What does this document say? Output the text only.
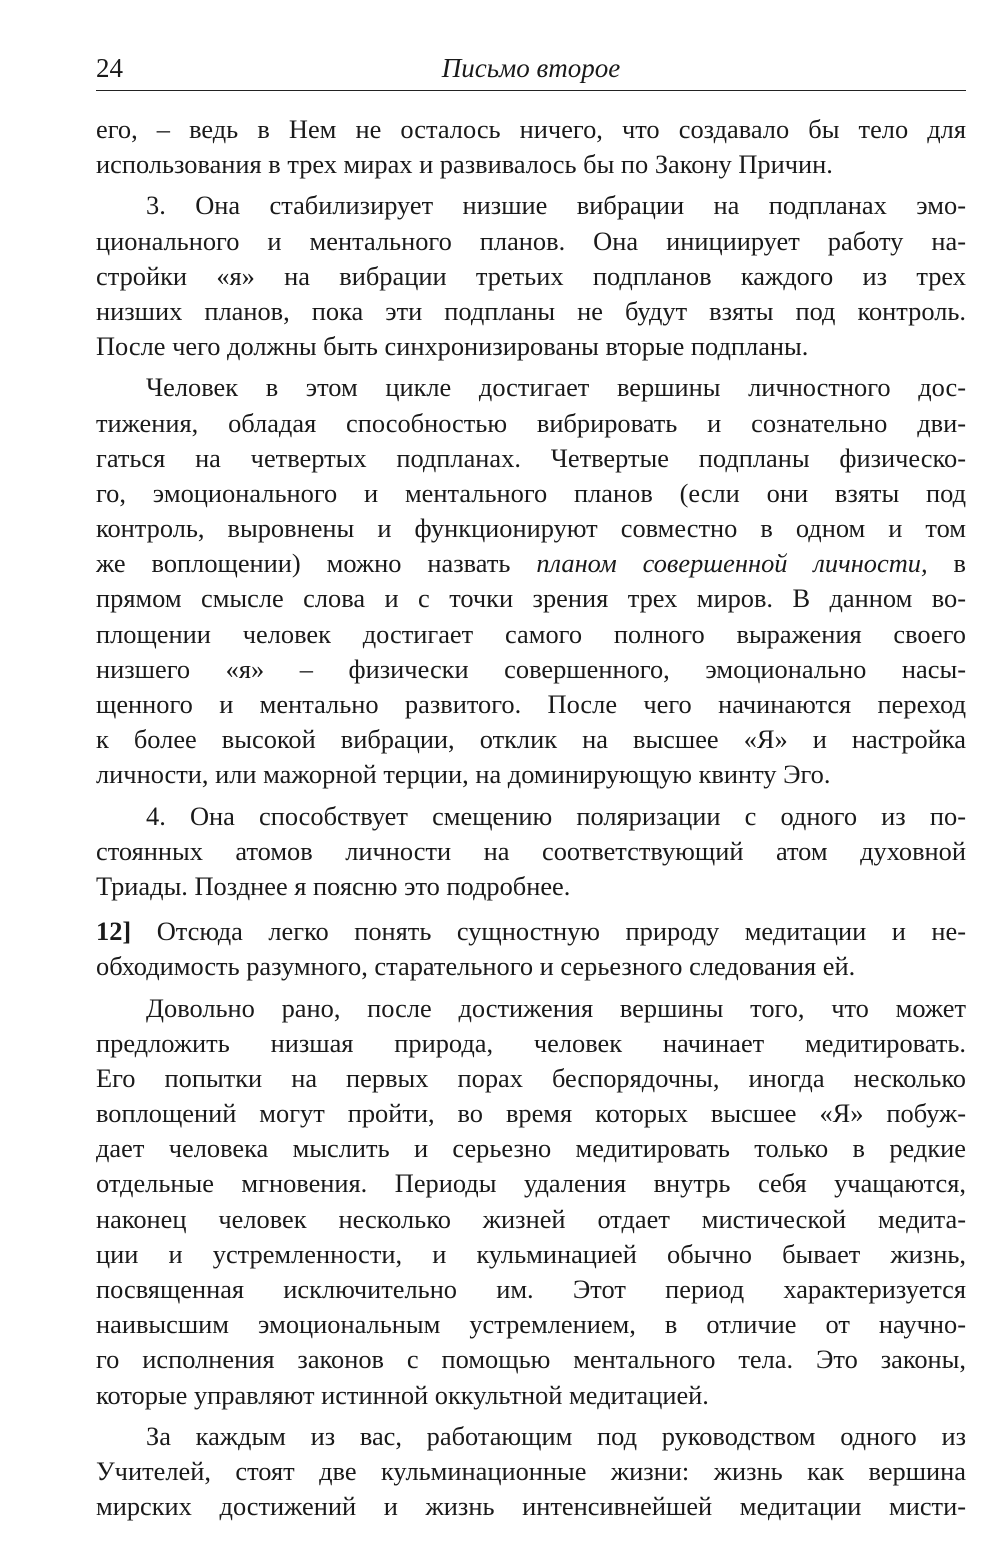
24	Письмо второе
его, – ведь в Нем не осталось ничего, что создавало бы тело для
использования в трех мирах и развивалось бы по Закону Причин.
3. Она стабилизирует низшие вибрации на подпланах эмо-
ционального и ментального планов. Она инициирует работу на-
стройки «я» на вибрации третьих подпланов каждого из трех
низших планов, пока эти подпланы не будут взяты под контроль.
После чего должны быть синхронизированы вторые подпланы.
Человек в этом цикле достигает вершины личностного дос-
тижения, обладая способностью вибрировать и сознательно дви-
гаться на четвертых подпланах. Четвертые подпланы физическо-
го, эмоционального и ментального планов (если они взяты под
контроль, выровнены и функционируют совместно в одном и том
же воплощении) можно назвать планом совершенной личности, в
прямом смысле слова и с точки зрения трех миров. В данном во-
площении человек достигает самого полного выражения своего
низшего «я» – физически совершенного, эмоционально насы-
щенного и ментально развитого. После чего начинаются переход
к более высокой вибрации, отклик на высшее «Я» и настройка
личности, или мажорной терции, на доминирующую квинту Эго.
4. Она способствует смещению поляризации с одного из по-
стоянных атомов личности на соответствующий атом духовной
Триады. Позднее я поясню это подробнее.
12] Отсюда легко понять сущностную природу медитации и не-
обходимость разумного, старательного и серьезного следования ей.
Довольно рано, после достижения вершины того, что может
предложить низшая природа, человек начинает медитировать.
Его попытки на первых порах беспорядочны, иногда несколько
воплощений могут пройти, во время которых высшее «Я» побуж-
дает человека мыслить и серьезно медитировать только в редкие
отдельные мгновения. Периоды удаления внутрь себя учащаются,
наконец человек несколько жизней отдает мистической медита-
ции и устремленности, и кульминацией обычно бывает жизнь,
посвященная исключительно им. Этот период характеризуется
наивысшим эмоциональным устремлением, в отличие от научно-
го исполнения законов с помощью ментального тела. Это законы,
которые управляют истинной оккультной медитацией.
За каждым из вас, работающим под руководством одного из
Учителей, стоят две кульминационные жизни: жизнь как вершина
мирских достижений и жизнь интенсивнейшей медитации мисти-
